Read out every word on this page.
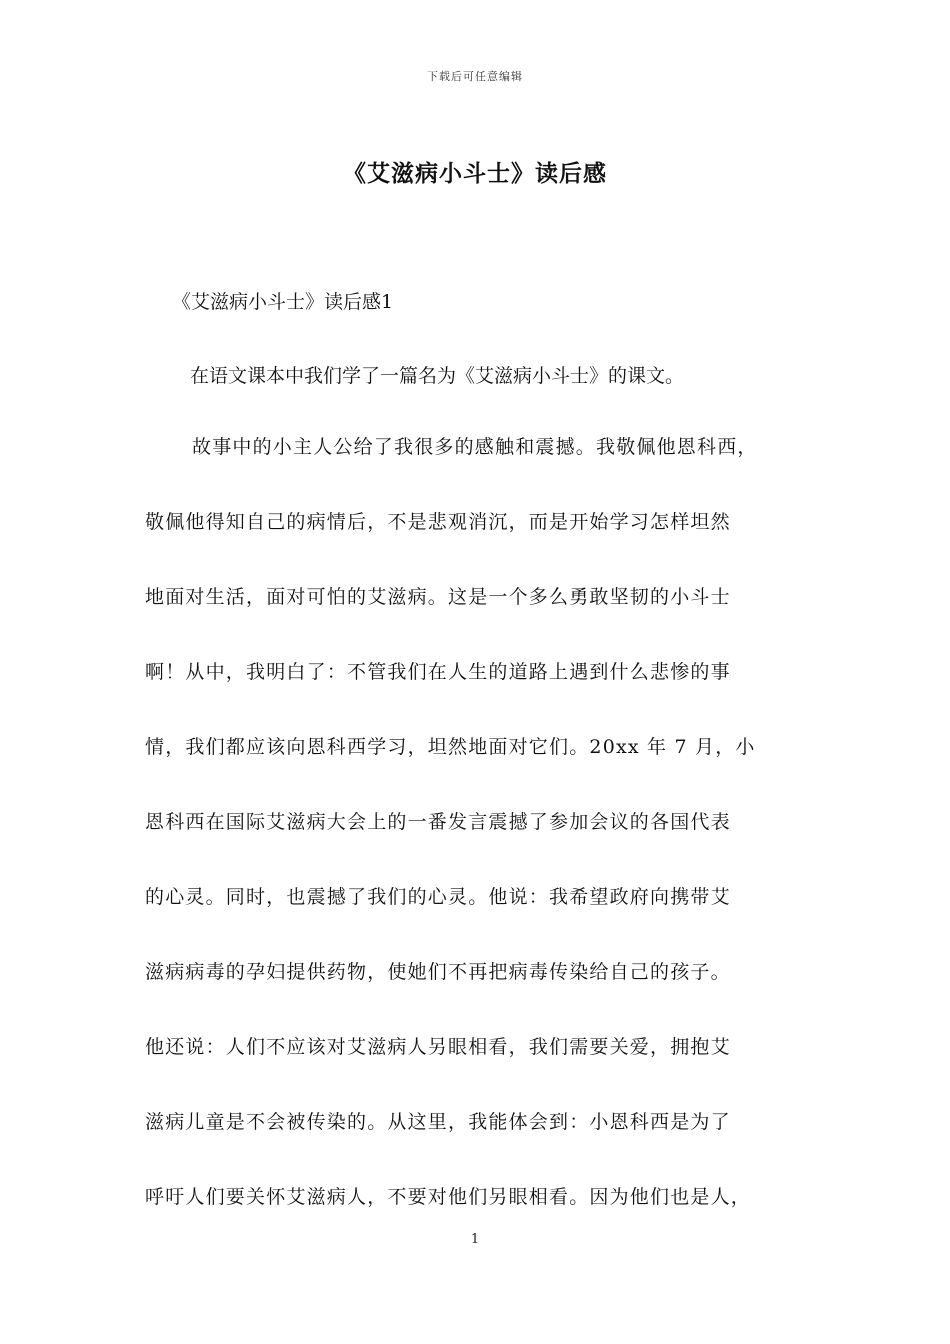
下载后可任意编辑
《艾滋病小斗士》读后感
《艾滋病小斗士》读后感1
在语文课本中我们学了一篇名为《艾滋病小斗士》的课文。
故事中的小主人公给了我很多的感触和震撼。我敬佩他恩科西，
敬佩他得知自己的病情后，不是悲观消沉，而是开始学习怎样坦然
地面对生活，面对可怕的艾滋病。这是一个多么勇敢坚韧的小斗士
啊！从中，我明白了：不管我们在人生的道路上遇到什么悲惨的事
情，我们都应该向恩科西学习，坦然地面对它们。20xx 年 7 月，小
恩科西在国际艾滋病大会上的一番发言震撼了参加会议的各国代表
的心灵。同时，也震撼了我们的心灵。他说：我希望政府向携带艾
滋病病毒的孕妇提供药物，使她们不再把病毒传染给自己的孩子。
他还说：人们不应该对艾滋病人另眼相看，我们需要关爱，拥抱艾
滋病儿童是不会被传染的。从这里，我能体会到：小恩科西是为了
呼吁人们要关怀艾滋病人，不要对他们另眼相看。因为他们也是人，
1
